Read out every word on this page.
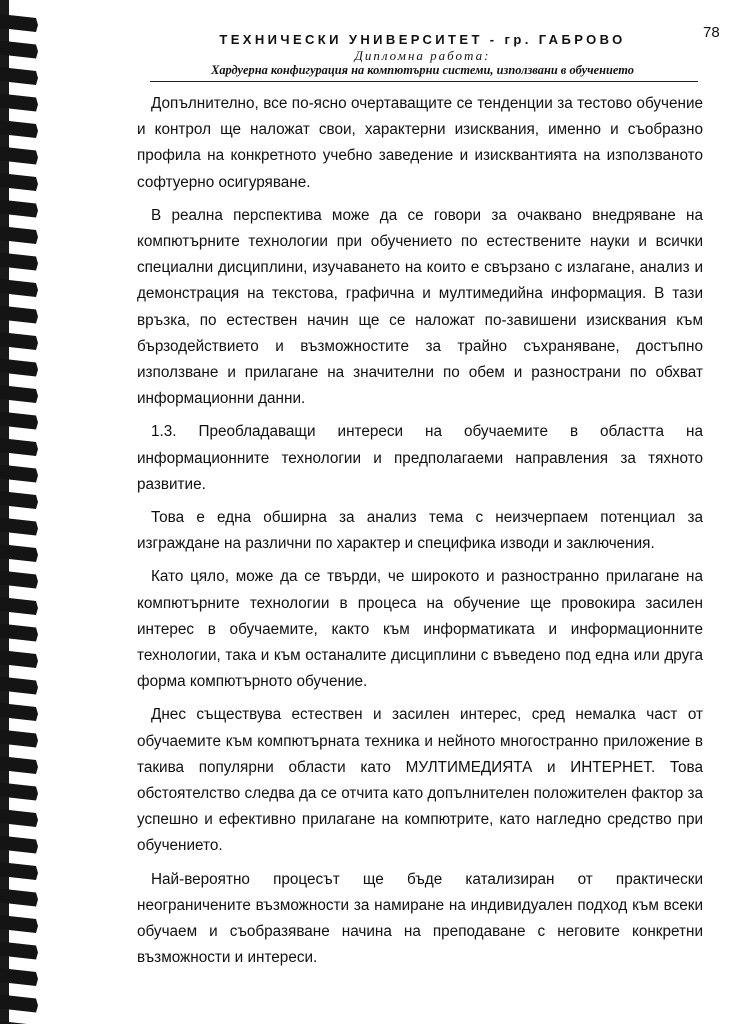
78
ТЕХНИЧЕСКИ УНИВЕРСИТЕТ - гр. ГАБРОВО
Дипломна работа:
Хардуерна конфигурация на компютърни системи, използвани в обучението

Допълнително, все по-ясно очертаващите се тенденции за тестово обучение и контрол ще наложат свои, характерни изисквания, именно и съобразно профила на конкретното учебно заведение и изисквантията на използваното софтуерно осигуряване.

В реална перспектива може да се говори за очаквано внедряване на компютърните технологии при обучението по естествените науки и всички специални дисциплини, изучаването на които е свързано с излагане, анализ и демонстрация на текстова, графична и мултимедийна информация. В тази връзка, по естествен начин ще се наложат по-завишени изисквания към бързодействието и възможностите за трайно съхраняване, достъпно използване и прилагане на значителни по обем и разнострани по обхват информационни данни.

1.3. Преобладаващи интереси на обучаемите в областта на информационните технологии и предполагаеми направления за тяхното развитие.

Това е една обширна за анализ тема с неизчерпаем потенциал за изграждане на различни по характер и специфика изводи и заключения.

Като цяло, може да се твърди, че широкото и разностранно прилагане на компютърните технологии в процеса на обучение ще провокира засилен интерес в обучаемите, както към информатиката и информационните технологии, така и към останалите дисциплини с въведено под една или друга форма компютърното обучение.

Днес съществува естествен и засилен интерес, сред немалка част от обучаемите към компютърната техника и нейното многостранно приложение в такива популярни области като МУЛТИМЕДИЯТА и ИНТЕРНЕТ. Това обстоятелство следва да се отчита като допълнителен положителен фактор за успешно и ефективно прилагане на компютрите, като нагледно средство при обучението.

Най-вероятно процесът ще бъде катализиран от практически неограничените възможности за намиране на индивидуален подход към всеки обучаем и съобразяване начина на преподаване с неговите конкретни възможности и интереси.
